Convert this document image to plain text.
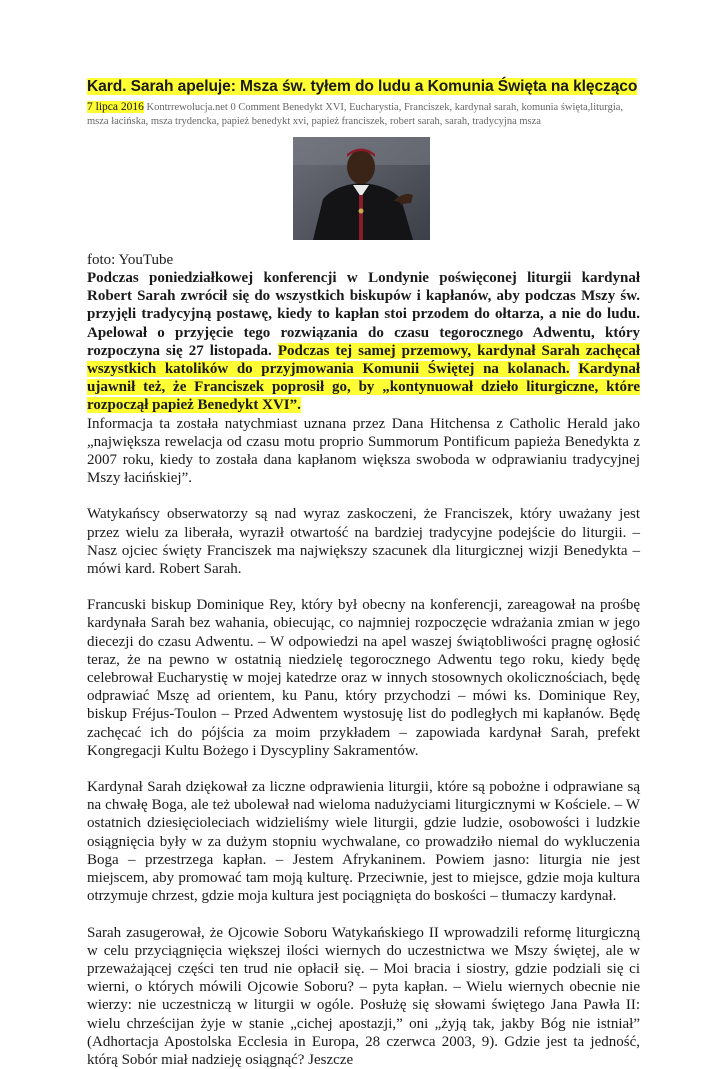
Kard. Sarah apeluje: Msza św. tyłem do ludu a Komunia Święta na klęcząco
7 lipca 2016 Kontrrewolucja.net 0 Comment Benedykt XVI, Eucharystia, Franciszek, kardynał sarah, komunia święta,liturgia, msza łacińska, msza trydencka, papież benedykt xvi, papież franciszek, robert sarah, sarah, tradycyjna msza
foto: YouTube

Podczas poniedziałkowej konferencji w Londynie poświęconej liturgii kardynał Robert Sarah zwrócił się do wszystkich biskupów i kapłanów, aby podczas Mszy św. przyjęli tradycyjną postawę, kiedy to kapłan stoi przodem do ołtarza, a nie do ludu. Apelował o przyjęcie tego rozwiązania do czasu tegorocznego Adwentu, który rozpoczyna się 27 listopada. Podczas tej samej przemowy, kardynał Sarah zachęcał wszystkich katolików do przyjmowania Komunii Świętej na kolanach. Kardynał ujawnił też, że Franciszek poprosił go, by „kontynuował dzieło liturgiczne, które rozpoczął papież Benedykt XVI”.

Informacja ta została natychmiast uznana przez Dana Hitchensa z Catholic Herald jako „największa rewelacja od czasu motu proprio Summorum Pontificum papieża Benedykta z 2007 roku, kiedy to została dana kapłanom większa swoboda w odprawianiu tradycyjnej Mszy łacińskiej”.

Watykańscy obserwatorzy są nad wyraz zaskoczeni, że Franciszek, który uważany jest przez wielu za liberała, wyraził otwartość na bardziej tradycyjne podejście do liturgii. – Nasz ojciec święty Franciszek ma największy szacunek dla liturgicznej wizji Benedykta – mówi kard. Robert Sarah.

Francuski biskup Dominique Rey, który był obecny na konferencji, zareagował na prośbę kardynała Sarah bez wahania, obiecując, co najmniej rozpoczęcie wdrażania zmian w jego diecezji do czasu Adwentu. – W odpowiedzi na apel waszej świątobliwości pragnę ogłosić teraz, że na pewno w ostatnią niedzielę tegorocznego Adwentu tego roku, kiedy będę celebrował Eucharystię w mojej katedrze oraz w innych stosownych okolicznościach, będę odprawiać Mszę ad orientem, ku Panu, który przychodzi – mówi ks. Dominique Rey, biskup Fréjus-Toulon – Przed Adwentem wystosuję list do podległych mi kapłanów. Będę zachęcać ich do pójścia za moim przykładem – zapowiada kardynał Sarah, prefekt Kongregacji Kultu Bożego i Dyscypliny Sakramentów.

Kardynał Sarah dziękował za liczne odprawienia liturgii, które są pobożne i odprawiane są na chwałę Boga, ale też ubolewał nad wieloma nadużyciami liturgicznymi w Kościele. – W ostatnich dziesięcioleciach widzieliśmy wiele liturgii, gdzie ludzie, osobowości i ludzkie osiągnięcia były w za dużym stopniu wychwalane, co prowadziło niemal do wykluczenia Boga – przestrzega kapłan. – Jestem Afrykaninem. Powiem jasno: liturgia nie jest miejscem, aby promować tam moją kulturę. Przeciwnie, jest to miejsce, gdzie moja kultura otrzymuje chrzest, gdzie moja kultura jest pociągnięta do boskości – tłumaczy kardynał.

Sarah zasugerował, że Ojcowie Soboru Watykańskiego II wprowadzili reformę liturgiczną w celu przyciągnięcia większej ilości wiernych do uczestnictwa we Mszy świętej, ale w przeważającej części ten trud nie opłacił się. – Moi bracia i siostry, gdzie podziali się ci wierni, o których mówili Ojcowie Soboru? – pyta kapłan. – Wielu wiernych obecnie nie wierzy: nie uczestniczą w liturgii w ogóle. Posłużę się słowami świętego Jana Pawła II: wielu chrześcijan żyje w stanie „cichej apostazji,” oni „żyją tak, jakby Bóg nie istniał” (Adhortacja Apostolska Ecclesia in Europa, 28 czerwca 2003, 9). Gdzie jest ta jedność, którą Sobór miał nadzieję osiągnąć? Jeszcze
